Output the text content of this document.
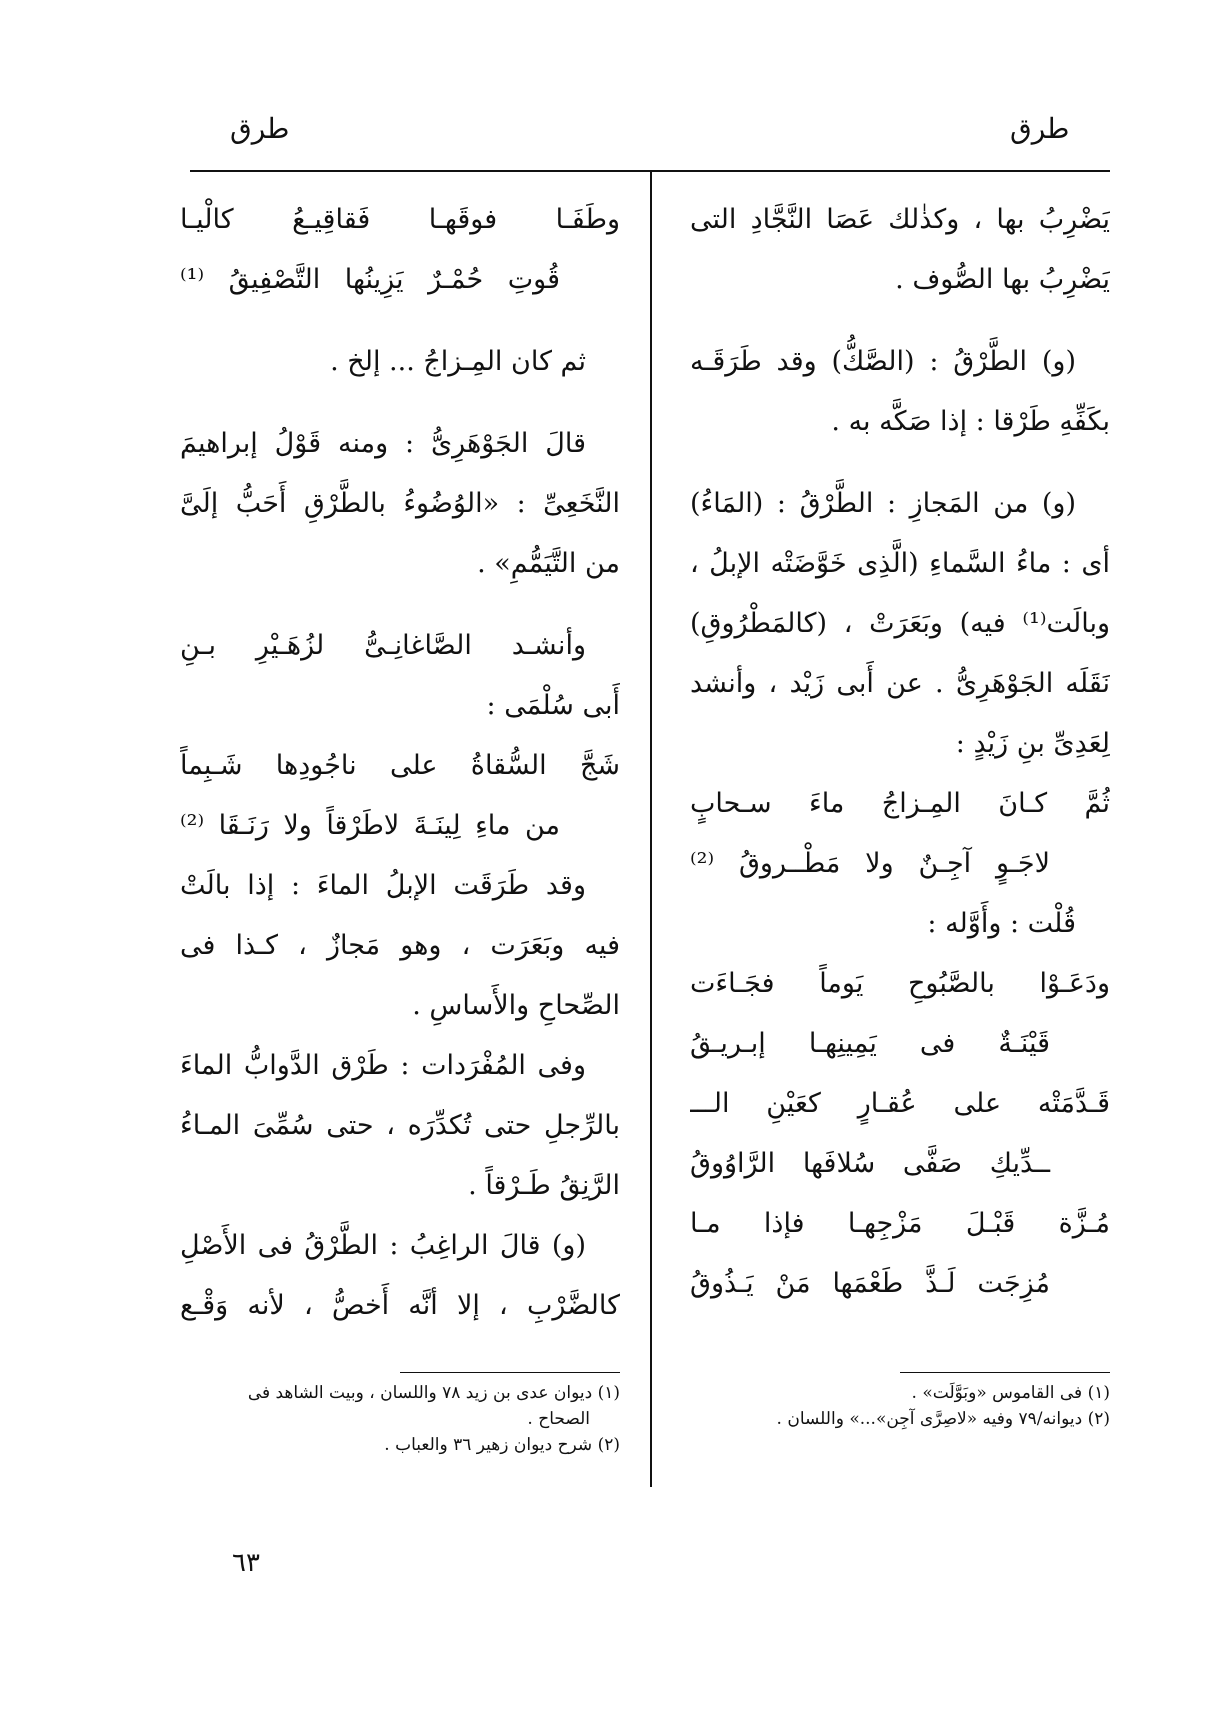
طرق
طرق
يَضْرِبُ بها ، وكذٰلك عَصَا النَّجَّادِ التى
يَضْرِبُ بها الصُّوف .
(و) الطَّرْقُ : (الصَّكُّ) وقد طَرَقَـه
بكَفِّهِ طَرْقا : إذا صَكَّه به .
(و) من المَجازِ : الطَّرْقُ : (المَاءُ)
أى : ماءُ السَّماءِ (الَّذِى خَوَّضَتْه الإبلُ ،
وبالَت⁽¹⁾ فيه) وبَعَرَتْ ، (كالمَطْرُوقِ)
نَقَلَه الجَوْهَرِىُّ . عن أَبى زَيْد ، وأنشد
لِعَدِىِّ بنِ زَيْدٍ :
ثُمَّ كـانَ المِـزاجُ ماءَ سـحابٍ
لاجَـوٍ آجِـنٌ ولا مَطْــروقُ ⁽²⁾
قُلْت : وأَوَّله :
ودَعَـوْا بالصَّبُوحِ يَوماً فجَـاءَت
قَيْنَـةٌ فى يَمِينِهـا إبـريـقُ
قَـدَّمَتْه على عُقـارٍ كعَيْنِ الـــ
ــدِّيكِ صَفَّى سُلافَها الرَّاوُوقُ
مُـزَّة قَبْـلَ مَزْجِهـا فإذا مـا
مُزِجَت لَـذَّ طَعْمَها مَنْ يَـذُوقُ
وطَفَـا فوقَهـا فَقاقِيـعُ كالْيـا
قُوتِ حُمْـرٌ يَزِينُها التَّصْفِيقُ ⁽¹⁾
ثم كان المِـزاجُ ... إلخ .
قالَ الجَوْهَرِىُّ : ومنه قَوْلُ إبراهيمَ
النَّخَعِىِّ : «الوُضُوءُ بالطَّرْقِ أَحَبُّ إلَىَّ
من التَّيَمُّمِ» .
وأنشـد الصَّاغانِـىُّ لزُهَـيْرِ بـنِ
أَبى سُلْمَى :
شَجَّ السُّقاةُ على ناجُودِها شَـبِماً
من ماءِ لِينَـةَ لاطَرْقاً ولا رَنَـقَا ⁽²⁾
وقد طَرَقَت الإبلُ الماءَ : إذا بالَتْ
فيه وبَعَرَت ، وهو مَجازٌ ، كـذا فى
الصِّحاحِ والأَساسِ .
وفى المُفْرَدات : طَرْق الدَّوابُّ الماءَ
بالرِّجلِ حتى تُكدِّرَه ، حتى سُمِّىَ المـاءُ
الرَّنِقُ طَـرْقاً .
(و) قالَ الراغِبُ : الطَّرْقُ فى الأَصْلِ
كالضَّرْبِ ، إلا أنَّه أَخصُّ ، لأنه وَقْـع
(١) فى القاموس «وبَوَّلَت» .
(٢) ديوانه/٧٩ وفيه «لاصِرَّى آجِن»...» واللسان .
(١) ديوان عدى بن زيد ٧٨ واللسان ، وبيت الشاهد فى
الصحاح .
(٢) شرح ديوان زهير ٣٦ والعباب .
٦٣
